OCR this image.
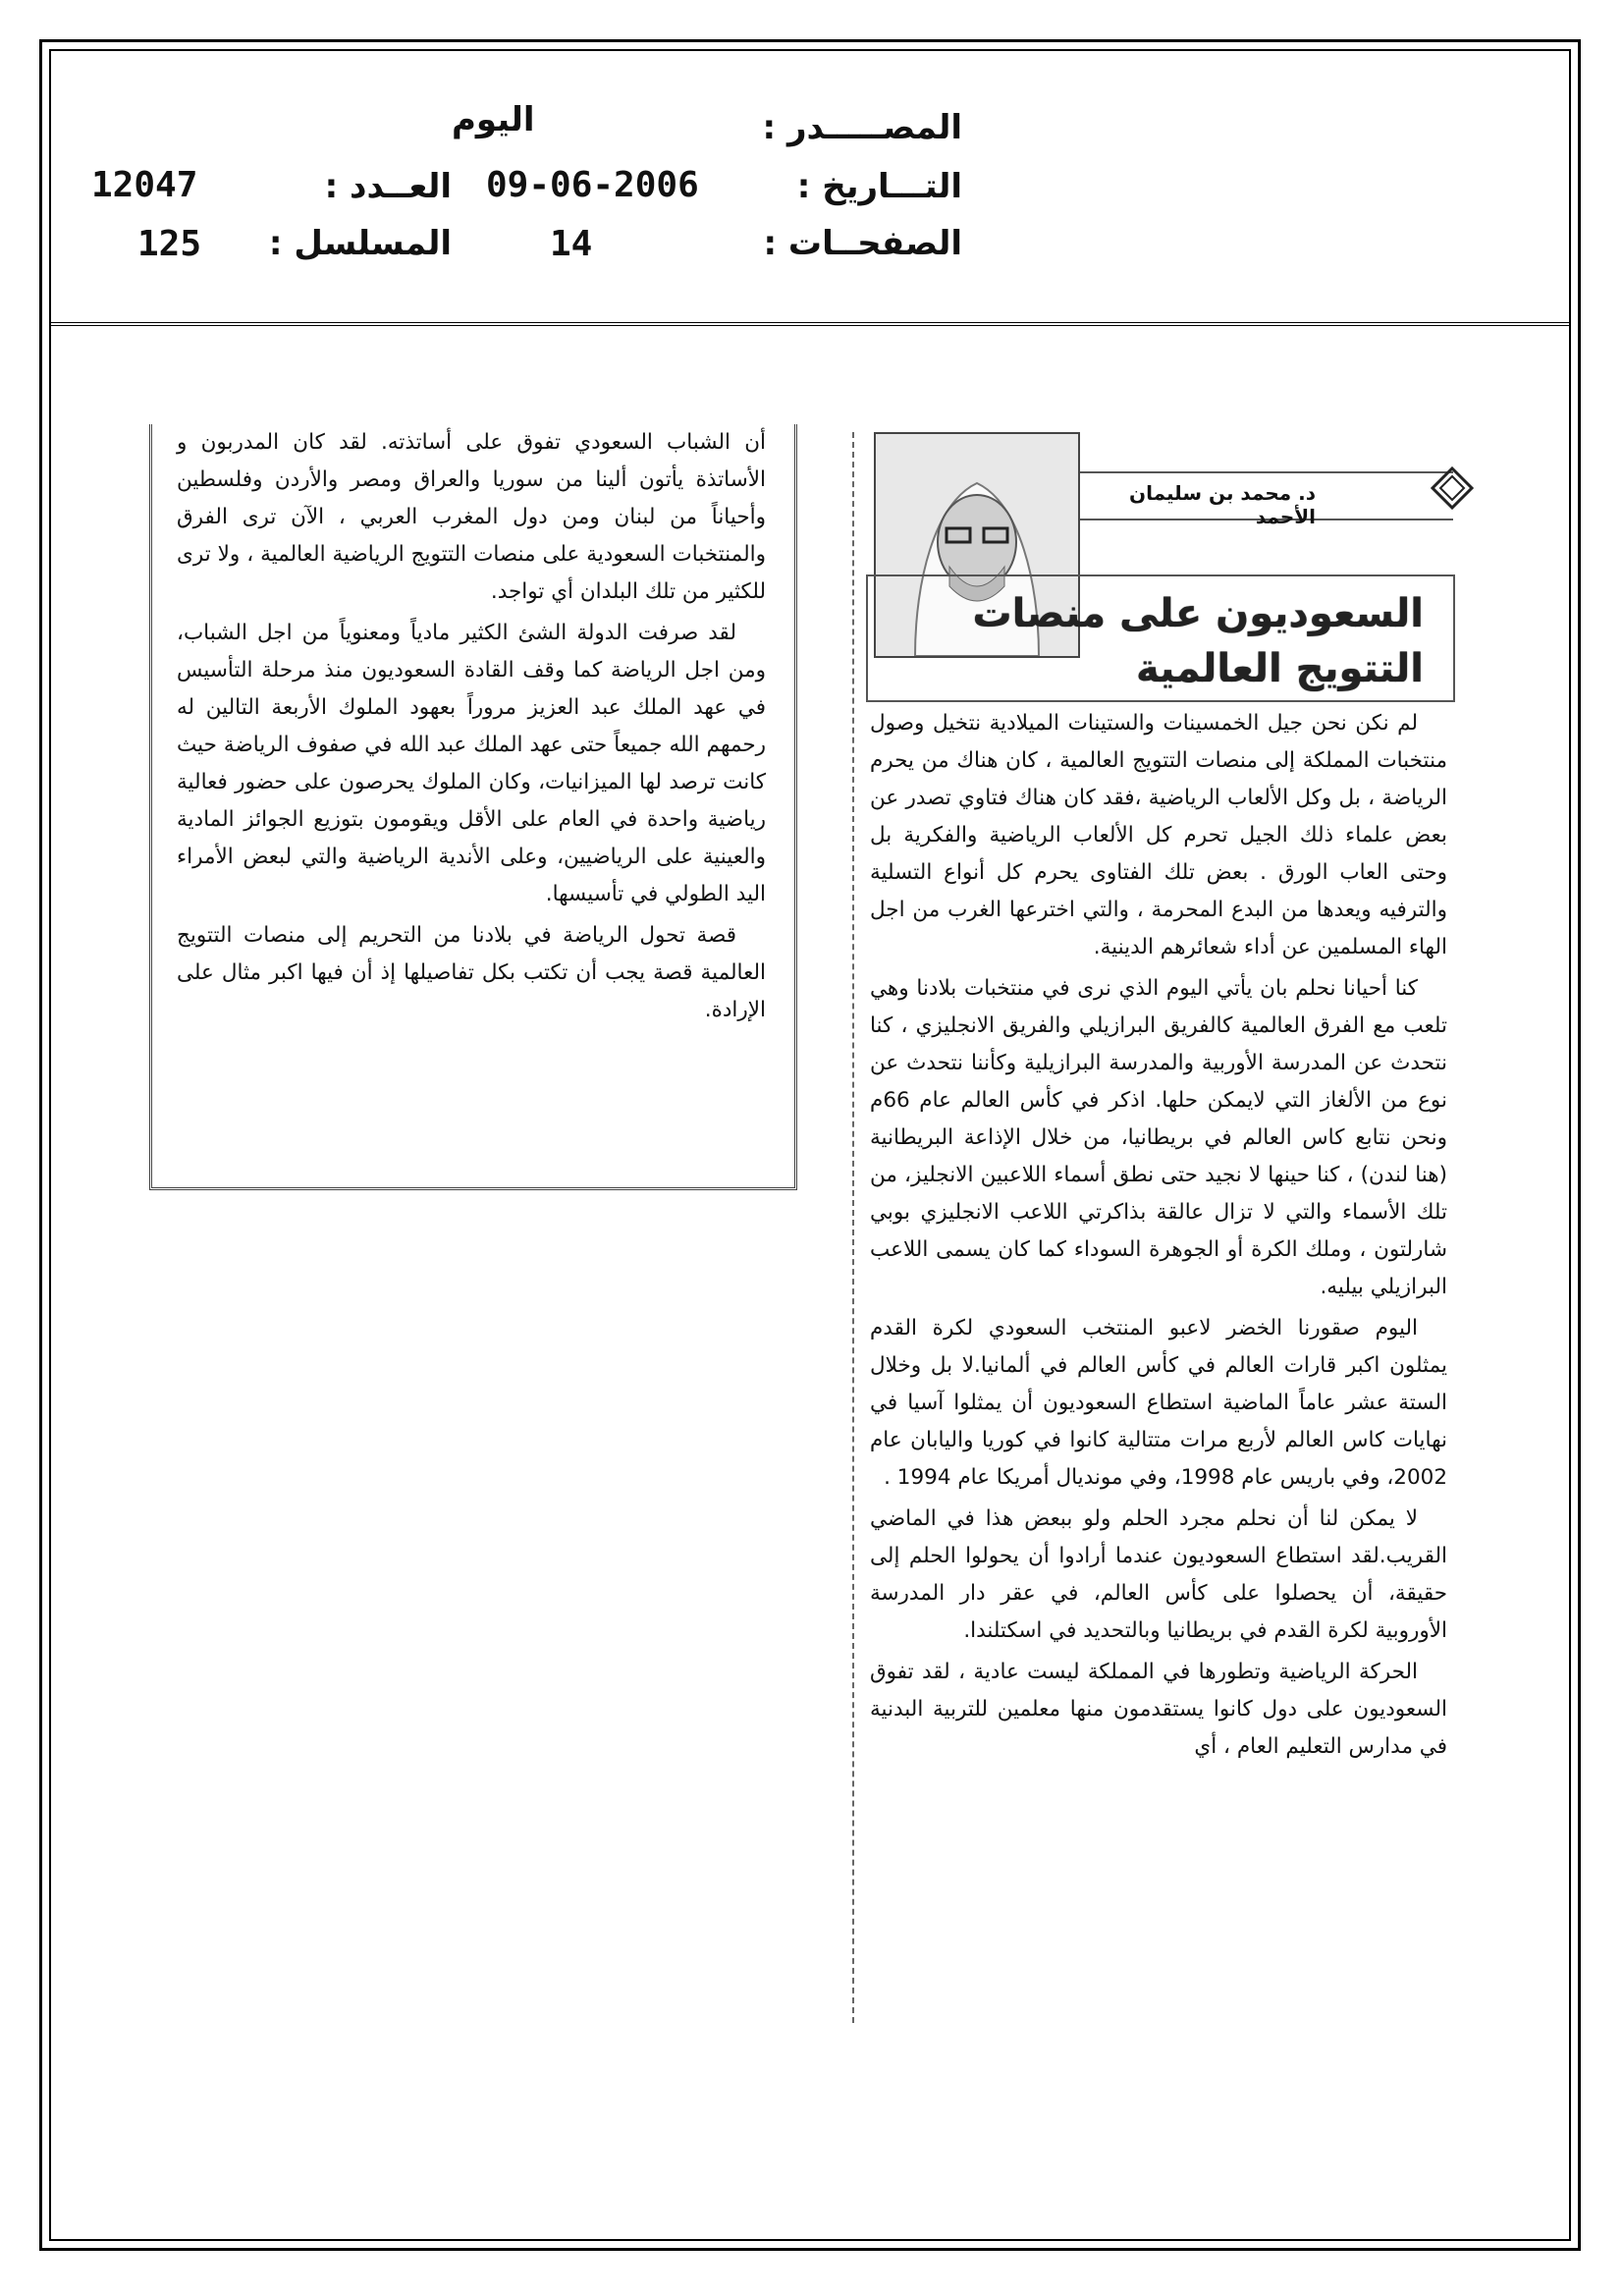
المصـــــدر :
اليوم
التـــاريخ :
09-06-2006
العــدد :
12047
الصفحــات :
14
المسلسل :
125
د. محمد بن سليمان الأحمد
السعوديون على منصات
التتويج العالمية

لم نكن نحن جيل الخمسينات والستينات الميلادية نتخيل وصول منتخبات المملكة إلى منصات التتويج العالمية ، كان هناك من يحرم الرياضة ، بل وكل الألعاب الرياضية ،فقد كان هناك فتاوي تصدر عن بعض علماء ذلك الجيل تحرم كل الألعاب الرياضية والفكرية بل وحتى العاب الورق . بعض تلك الفتاوى يحرم كل أنواع التسلية والترفيه ويعدها من البدع المحرمة ، والتي اخترعها الغرب من اجل الهاء المسلمين عن أداء شعائرهم الدينية.

كنا أحيانا نحلم بان يأتي اليوم الذي نرى في منتخبات بلادنا وهي تلعب مع الفرق العالمية كالفريق البرازيلي والفريق الانجليزي ، كنا نتحدث عن المدرسة الأوربية والمدرسة البرازيلية وكأننا نتحدث عن نوع من الألغاز التي لايمكن حلها. اذكر في كأس العالم عام 66م ونحن نتابع كاس العالم في بريطانيا، من خلال الإذاعة البريطانية (هنا لندن) ، كنا حينها لا نجيد حتى نطق أسماء اللاعبين الانجليز، من تلك الأسماء والتي لا تزال عالقة بذاكرتي اللاعب الانجليزي بوبي شارلتون ، وملك الكرة أو الجوهرة السوداء كما كان يسمى اللاعب البرازيلي بيليه.

اليوم صقورنا الخضر لاعبو المنتخب السعودي لكرة القدم يمثلون اكبر قارات العالم في كأس العالم في ألمانيا.لا بل وخلال الستة عشر عاماً الماضية استطاع السعوديون أن يمثلوا آسيا في نهايات كاس العالم لأربع مرات متتالية كانوا في كوريا واليابان عام 2002، وفي باريس عام 1998، وفي مونديال أمريكا عام 1994 .

لا يمكن لنا أن نحلم مجرد الحلم ولو ببعض هذا في الماضي القريب.لقد استطاع السعوديون عندما أرادوا أن يحولوا الحلم إلى حقيقة، أن يحصلوا على كأس العالم، في عقر دار المدرسة الأوروبية لكرة القدم في بريطانيا وبالتحديد في اسكتلندا.

الحركة الرياضية وتطورها في المملكة ليست عادية ، لقد تفوق السعوديون على دول كانوا يستقدمون منها معلمين للتربية البدنية في مدارس التعليم العام ، أي

أن الشباب السعودي تفوق على أساتذته. لقد كان المدربون و الأساتذة يأتون ألينا من سوريا والعراق ومصر والأردن وفلسطين وأحياناً من لبنان ومن دول المغرب العربي ، الآن ترى الفرق والمنتخبات السعودية على منصات التتويج الرياضية العالمية ، ولا ترى للكثير من تلك البلدان أي تواجد.

لقد صرفت الدولة الشئ الكثير مادياً ومعنوياً من اجل الشباب، ومن اجل الرياضة كما وقف القادة السعوديون منذ مرحلة التأسيس في عهد الملك عبد العزيز مروراً بعهود الملوك الأربعة التالين له رحمهم الله جميعاً حتى عهد الملك عبد الله في صفوف الرياضة حيث كانت ترصد لها الميزانيات، وكان الملوك يحرصون على حضور فعالية رياضية واحدة في العام على الأقل ويقومون بتوزيع الجوائز المادية والعينية على الرياضيين، وعلى الأندية الرياضية والتي لبعض الأمراء اليد الطولي في تأسيسها.

قصة تحول الرياضة في بلادنا من التحريم إلى منصات التتويج العالمية قصة يجب أن تكتب بكل تفاصيلها إذ أن فيها اكبر مثال على الإرادة.
